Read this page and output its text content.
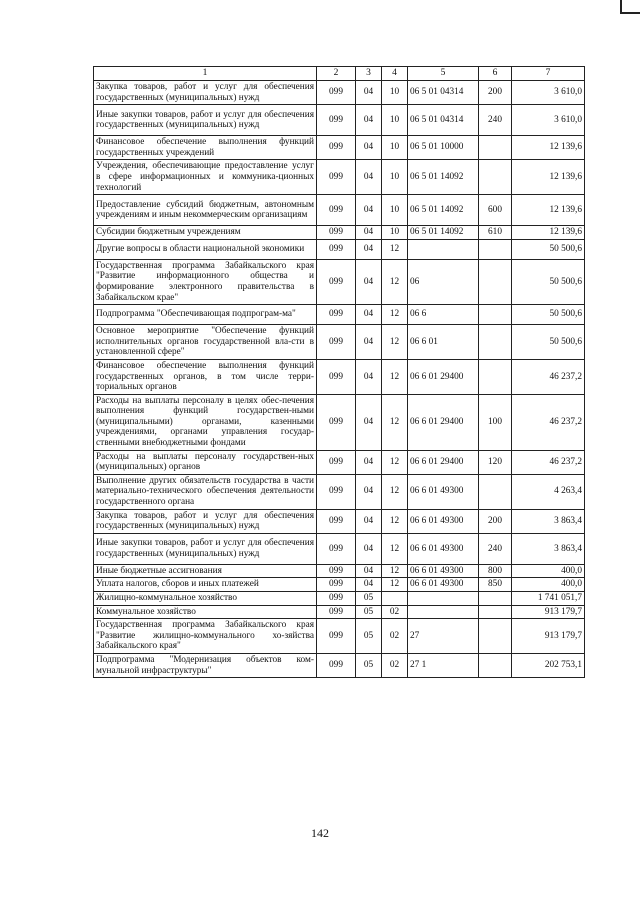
1	2	3	4	5	6	7
Закупка товаров, работ и услуг для обеспечения государственных (муниципальных) нужд	099	04	10	06 5 01 04314	200	3 610,0
Иные закупки товаров, работ и услуг для обеспечения государственных (муниципальных) нужд	099	04	10	06 5 01 04314	240	3 610,0
Финансовое обеспечение выполнения функций государственных учреждений	099	04	10	06 5 01 10000		12 139,6
Учреждения, обеспечивающие предоставление услуг в сфере информационных и коммуника-ционных технологий	099	04	10	06 5 01 14092		12 139,6
Предоставление субсидий бюджетным, автономным учреждениям и иным некоммерческим организациям	099	04	10	06 5 01 14092	600	12 139,6
Субсидии бюджетным учреждениям	099	04	10	06 5 01 14092	610	12 139,6
Другие вопросы в области национальной экономики	099	04	12			50 500,6
Государственная программа Забайкальского края "Развитие информационного общества и формирование электронного правительства в Забайкальском крае"	099	04	12	06		50 500,6
Подпрограмма "Обеспечивающая подпрограм-ма"	099	04	12	06 6		50 500,6
Основное мероприятие "Обеспечение функций исполнительных органов государственной вла-сти в установленной сфере"	099	04	12	06 6 01		50 500,6
Финансовое обеспечение выполнения функций государственных органов, в том числе терри-ториальных органов	099	04	12	06 6 01 29400		46 237,2
Расходы на выплаты персоналу в целях обес-печения выполнения функций государствен-ными (муниципальными) органами, казенными учреждениями, органами управления государ-ственными внебюджетными фондами	099	04	12	06 6 01 29400	100	46 237,2
Расходы на выплаты персоналу государствен-ных (муниципальных) органов	099	04	12	06 6 01 29400	120	46 237,2
Выполнение других обязательств государства в части материально-технического обеспечения деятельности государственного органа	099	04	12	06 6 01 49300		4 263,4
Закупка товаров, работ и услуг для обеспечения государственных (муниципальных) нужд	099	04	12	06 6 01 49300	200	3 863,4
Иные закупки товаров, работ и услуг для обеспечения государственных (муниципальных) нужд	099	04	12	06 6 01 49300	240	3 863,4
Иные бюджетные ассигнования	099	04	12	06 6 01 49300	800	400,0
Уплата налогов, сборов и иных платежей	099	04	12	06 6 01 49300	850	400,0
Жилищно-коммунальное хозяйство	099	05				1 741 051,7
Коммунальное хозяйство	099	05	02			913 179,7
Государственная программа Забайкальского края "Развитие жилищно-коммунального хо-зяйства Забайкальского края"	099	05	02	27		913 179,7
Подпрограмма "Модернизация объектов ком-мунальной инфраструктуры"	099	05	02	27 1		202 753,1
142
